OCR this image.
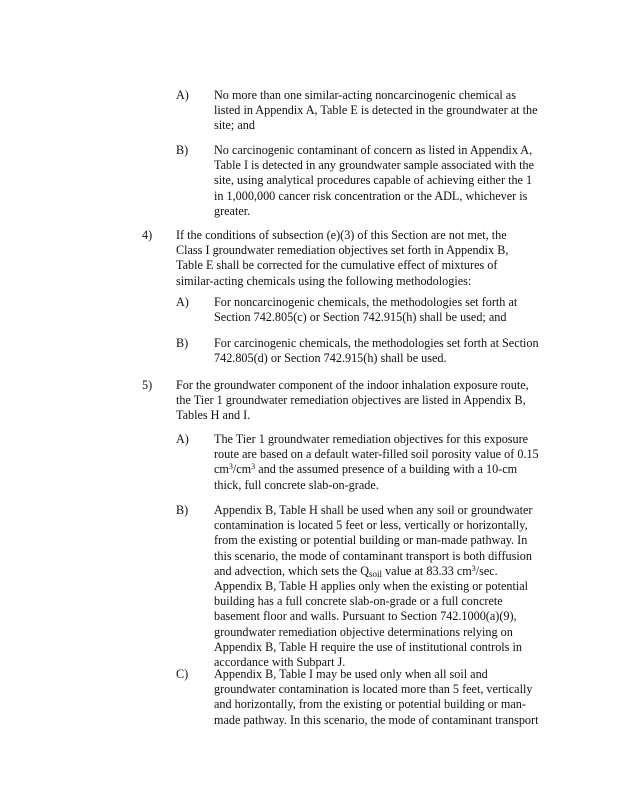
A) No more than one similar-acting noncarcinogenic chemical as listed in Appendix A, Table E is detected in the groundwater at the site; and

B) No carcinogenic contaminant of concern as listed in Appendix A, Table I is detected in any groundwater sample associated with the site, using analytical procedures capable of achieving either the 1 in 1,000,000 cancer risk concentration or the ADL, whichever is greater.

4) If the conditions of subsection (e)(3) of this Section are not met, the Class I groundwater remediation objectives set forth in Appendix B, Table E shall be corrected for the cumulative effect of mixtures of similar-acting chemicals using the following methodologies:

A) For noncarcinogenic chemicals, the methodologies set forth at Section 742.805(c) or Section 742.915(h) shall be used; and

B) For carcinogenic chemicals, the methodologies set forth at Section 742.805(d) or Section 742.915(h) shall be used.

5) For the groundwater component of the indoor inhalation exposure route, the Tier 1 groundwater remediation objectives are listed in Appendix B, Tables H and I.

A) The Tier 1 groundwater remediation objectives for this exposure route are based on a default water-filled soil porosity value of 0.15 $cm^3/cm^3$ and the assumed presence of a building with a 10-cm thick, full concrete slab-on-grade.

B) Appendix B, Table H shall be used when any soil or groundwater contamination is located 5 feet or less, vertically or horizontally, from the existing or potential building or man-made pathway. In this scenario, the mode of contaminant transport is both diffusion and advection, which sets the $Q_{soil}$ value at 83.33 $cm^3/\sec$. Appendix B, Table H applies only when the existing or potential building has a full concrete slab-on-grade or a full concrete basement floor and walls. Pursuant to Section 742.1000(a)(9), groundwater remediation objective determinations relying on Appendix B, Table H require the use of institutional controls in accordance with Subpart J.

C) Appendix B, Table I may be used only when all soil and groundwater contamination is located more than 5 feet, vertically and horizontally, from the existing or potential building or man-made pathway. In this scenario, the mode of contaminant transport
